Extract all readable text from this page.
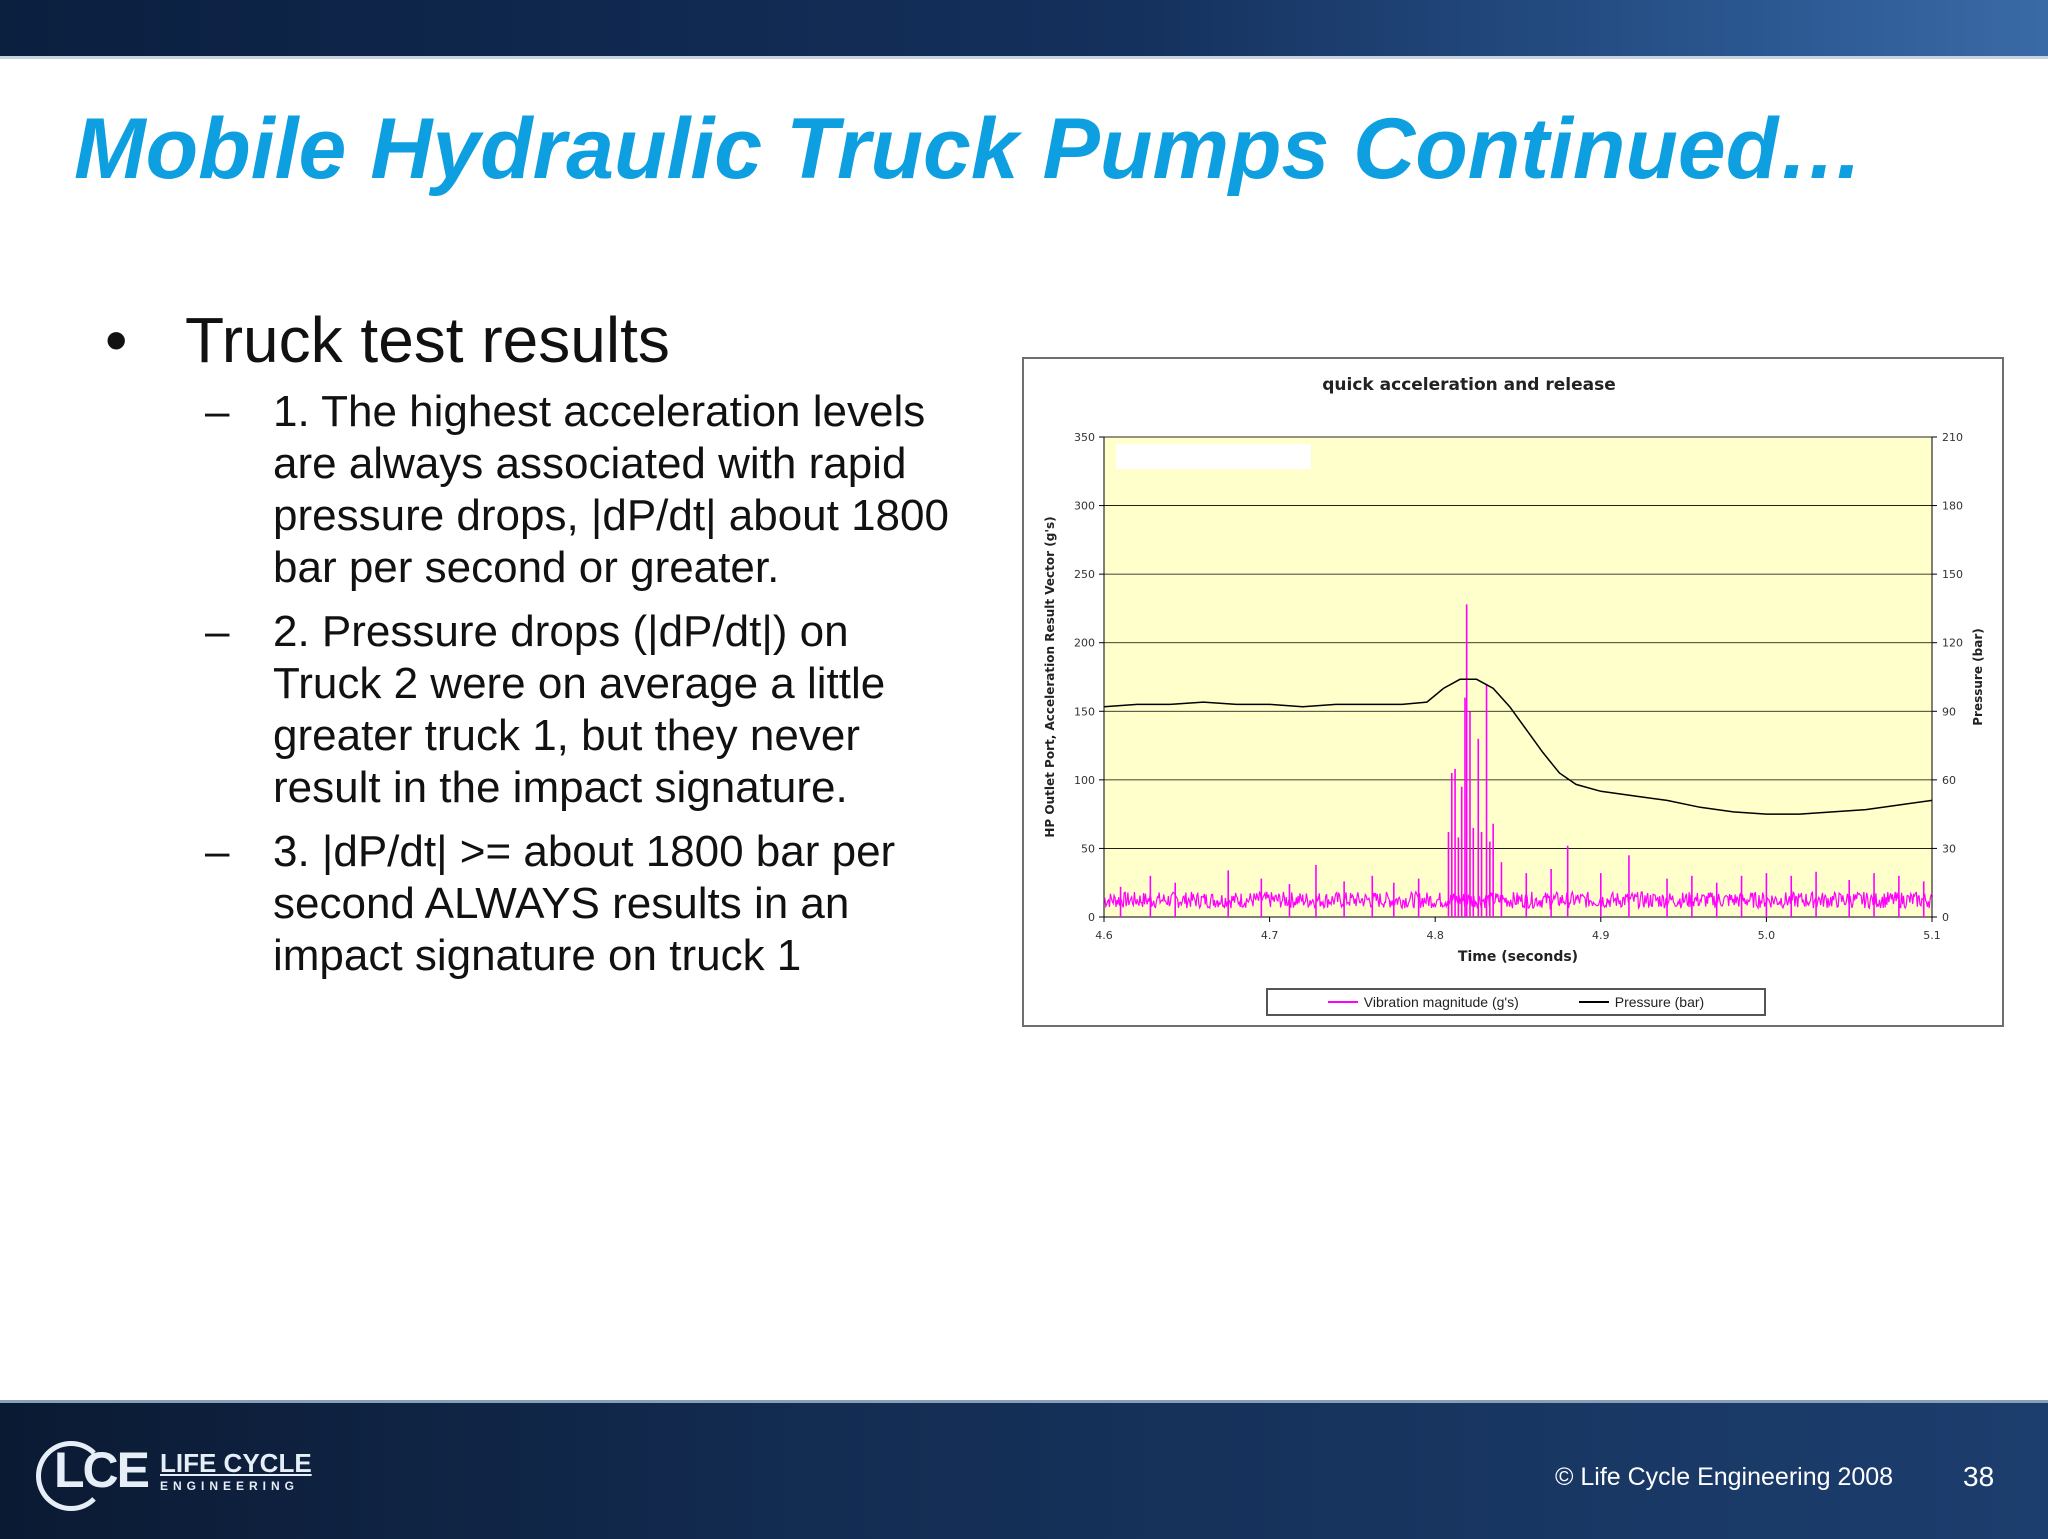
Mobile Hydraulic Truck Pumps Continued…
• Truck test results
– 1. The highest acceleration levels are always associated with rapid pressure drops, |dP/dt| about 1800 bar per second or greater.
– 2. Pressure drops (|dP/dt|) on Truck 2 were on average a little greater truck 1, but they never result in the impact signature.
– 3. |dP/dt| >= about 1800 bar per second ALWAYS results in an impact signature on truck 1
quick acceleration and release
0
50
100
150
200
250
300
350
0
30
60
90
120
150
180
210
4.6	4.7	4.8	4.9	5.0	5.1
Time (seconds)
HP Outlet Port, Acceleration Result Vector (g's)	Pressure (bar)
Vibration magnitude (g's)	Pressure (bar)
LCE LIFE CYCLE
ENGINEERING	© Life Cycle Engineering 2008 38
